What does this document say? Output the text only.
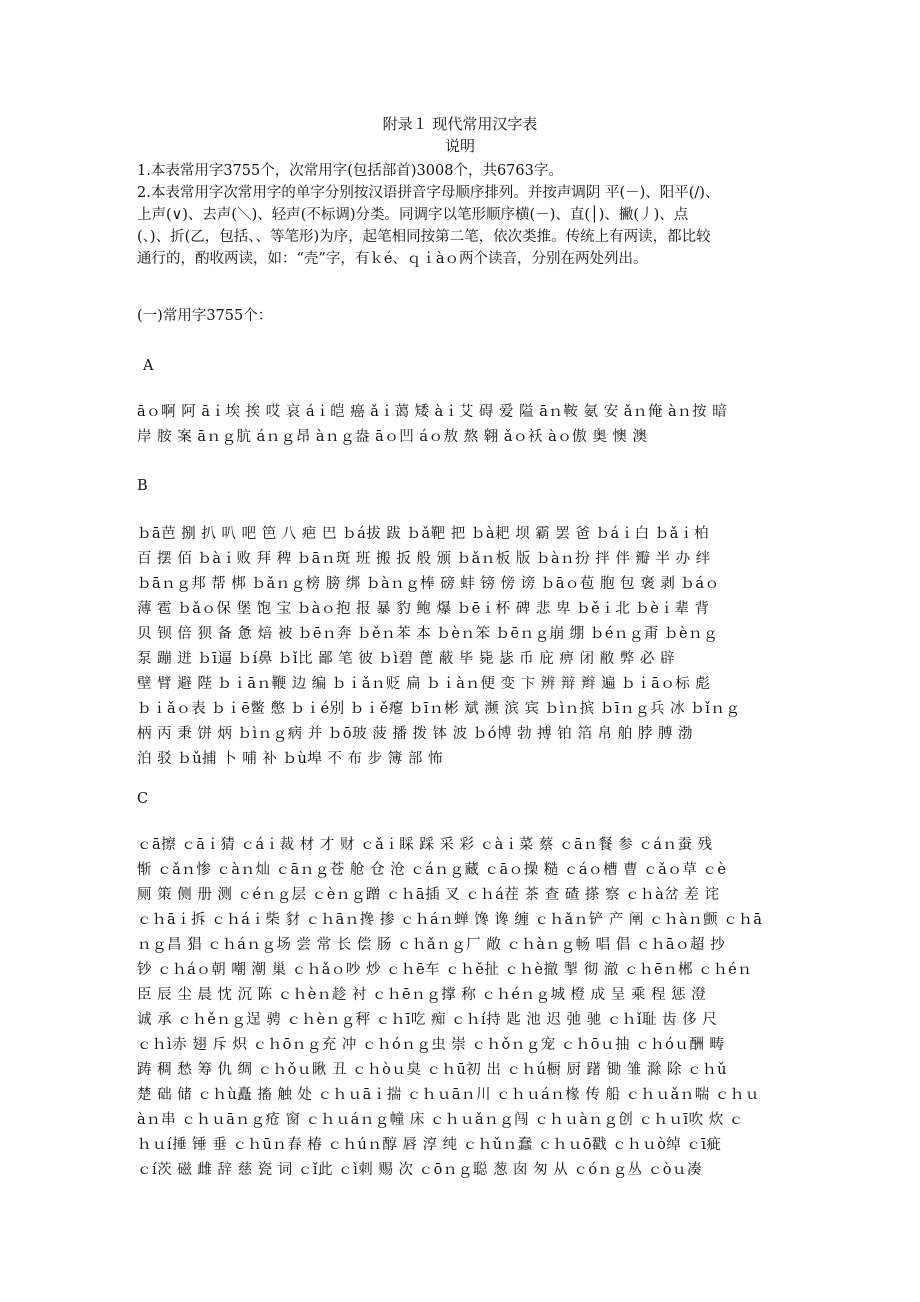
附录１ 现代常用汉字表
说明

1.本表常用字3755个，次常用字(包括部首)3008个，共6763字。

2.本表常用字次常用字的单字分别按汉语拼音字母顺序排列。并按声调阴 平(－)、阳平(/)、

上声(∨)、去声(＼)、轻声(不标调)分类。同调字以笔形顺序横(－)、直(│)、撇(丿)、点

(、)、折(乙，包括、、等笔形)为序，起笔相同按第二笔，依次类推。传统上有两读，都比较

通行的，酌收两读，如：“壳”字，有ｋé、ｑｉàｏ两个读音，分别在两处列出。

(一)常用字3755个：
A
āｏ啊 阿 āｉ埃 挨 哎 哀 áｉ皑 癌 ǎｉ蔼 矮 àｉ艾 碍 爱 隘 āｎ鞍 氨 安 ǎｎ俺 àｎ按 暗
岸 胺 案 āｎｇ肮 áｎｇ昂 àｎｇ盎 āｏ凹 áｏ敖 熬 翱 ǎｏ袄 àｏ傲 奥 懊 澳
B
ｂā芭 捌 扒 叭 吧 笆 八 疤 巴 ｂá拔 跋 ｂǎ靶 把 ｂà耙 坝 霸 罢 爸 ｂáｉ白 ｂǎｉ柏
百 摆 佰 ｂàｉ败 拜 稗 ｂāｎ斑 班 搬 扳 般 颁 ｂǎｎ板 版 ｂàｎ扮 拌 伴 瓣 半 办 绊
ｂāｎｇ邦 帮 梆 ｂǎｎｇ榜 膀 绑 ｂàｎｇ棒 磅 蚌 镑 傍 谤 ｂāｏ苞 胞 包 褒 剥 ｂáｏ
薄 雹 ｂǎｏ保 堡 饱 宝 ｂàｏ抱 报 暴 豹 鲍 爆 ｂēｉ杯 碑 悲 卑 ｂěｉ北 ｂèｉ辈 背
贝 钡 倍 狈 备 惫 焙 被 ｂēｎ奔 ｂěｎ苯 本 ｂèｎ笨 ｂēｎｇ崩 绷 ｂéｎｇ甭 ｂèｎｇ
泵 蹦 迸 ｂī逼 ｂí鼻 ｂǐ比 鄙 笔 彼 ｂì碧 蓖 蔽 毕 毙 毖 币 庇 痹 闭 敝 弊 必 辟
壁 臂 避 陛 ｂｉāｎ鞭 边 编 ｂｉǎｎ贬 扁 ｂｉàｎ便 变 卞 辨 辩 辫 遍 ｂｉāｏ标 彪
ｂｉǎｏ表 ｂｉē鳖 憋 ｂｉé别 ｂｉě瘪 ｂīｎ彬 斌 濒 滨 宾 ｂìｎ摈 ｂīｎｇ兵 冰 ｂǐｎｇ
柄 丙 秉 饼 炳 ｂìｎｇ病 并 ｂō玻 菠 播 拨 钵 波 ｂó博 勃 搏 铂 箔 帛 舶 脖 膊 渤
泊 驳 ｂǔ捕 卜 哺 补 ｂù埠 不 布 步 簿 部 怖
C
ｃā擦 ｃāｉ猜 ｃáｉ裁 材 才 财 ｃǎｉ睬 踩 采 彩 ｃàｉ菜 蔡 ｃāｎ餐 参 ｃáｎ蚕 残
惭 ｃǎｎ惨 ｃàｎ灿 ｃāｎｇ苍 舱 仓 沧 ｃáｎｇ藏 ｃāｏ操 糙 ｃáｏ槽 曹 ｃǎｏ草 ｃè
厕 策 侧 册 测 ｃéｎｇ层 ｃèｎｇ蹭 ｃｈā插 叉 ｃｈá茬 茶 查 碴 搽 察 ｃｈà岔 差 诧
ｃｈāｉ拆 ｃｈáｉ柴 豺 ｃｈāｎ搀 掺 ｃｈáｎ蝉 馋 谗 缠 ｃｈǎｎ铲 产 阐 ｃｈàｎ颤 ｃｈā
ｎｇ昌 猖 ｃｈáｎｇ场 尝 常 长 偿 肠 ｃｈǎｎｇ厂 敞 ｃｈàｎｇ畅 唱 倡 ｃｈāｏ超 抄
钞 ｃｈáｏ朝 嘲 潮 巢 ｃｈǎｏ吵 炒 ｃｈē车 ｃｈě扯 ｃｈè撤 掣 彻 澈 ｃｈēｎ郴 ｃｈéｎ
臣 辰 尘 晨 忱 沉 陈 ｃｈèｎ趁 衬 ｃｈēｎｇ撑 称 ｃｈéｎｇ城 橙 成 呈 乘 程 惩 澄
诚 承 ｃｈěｎｇ逞 骋 ｃｈèｎｇ秤 ｃｈī吃 痴 ｃｈí持 匙 池 迟 弛 驰 ｃｈǐ耻 齿 侈 尺
ｃｈì赤 翅 斥 炽 ｃｈōｎｇ充 冲 ｃｈóｎｇ虫 崇 ｃｈǒｎｇ宠 ｃｈōｕ抽 ｃｈóｕ酬 畴
踌 稠 愁 筹 仇 绸 ｃｈǒｕ瞅 丑 ｃｈòｕ臭 ｃｈū初 出 ｃｈú橱 厨 躇 锄 雏 滁 除 ｃｈǔ
楚 础 储 ｃｈù矗 搐 触 处 ｃｈｕāｉ揣 ｃｈｕāｎ川 ｃｈｕáｎ椽 传 船 ｃｈｕǎｎ喘 ｃｈｕ
àｎ串 ｃｈｕāｎｇ疮 窗 ｃｈｕáｎｇ幢 床 ｃｈｕǎｎｇ闯 ｃｈｕàｎｇ创 ｃｈｕī吹 炊 ｃ
ｈｕí捶 锤 垂 ｃｈūｎ春 椿 ｃｈúｎ醇 唇 淳 纯 ｃｈǔｎ蠢 ｃｈｕō戳 ｃｈｕò绰 ｃī疵
ｃí茨 磁 雌 辞 慈 瓷 词 ｃǐ此 ｃì刺 赐 次 ｃōｎｇ聪 葱 囱 匆 从 ｃóｎｇ丛 ｃòｕ凑
